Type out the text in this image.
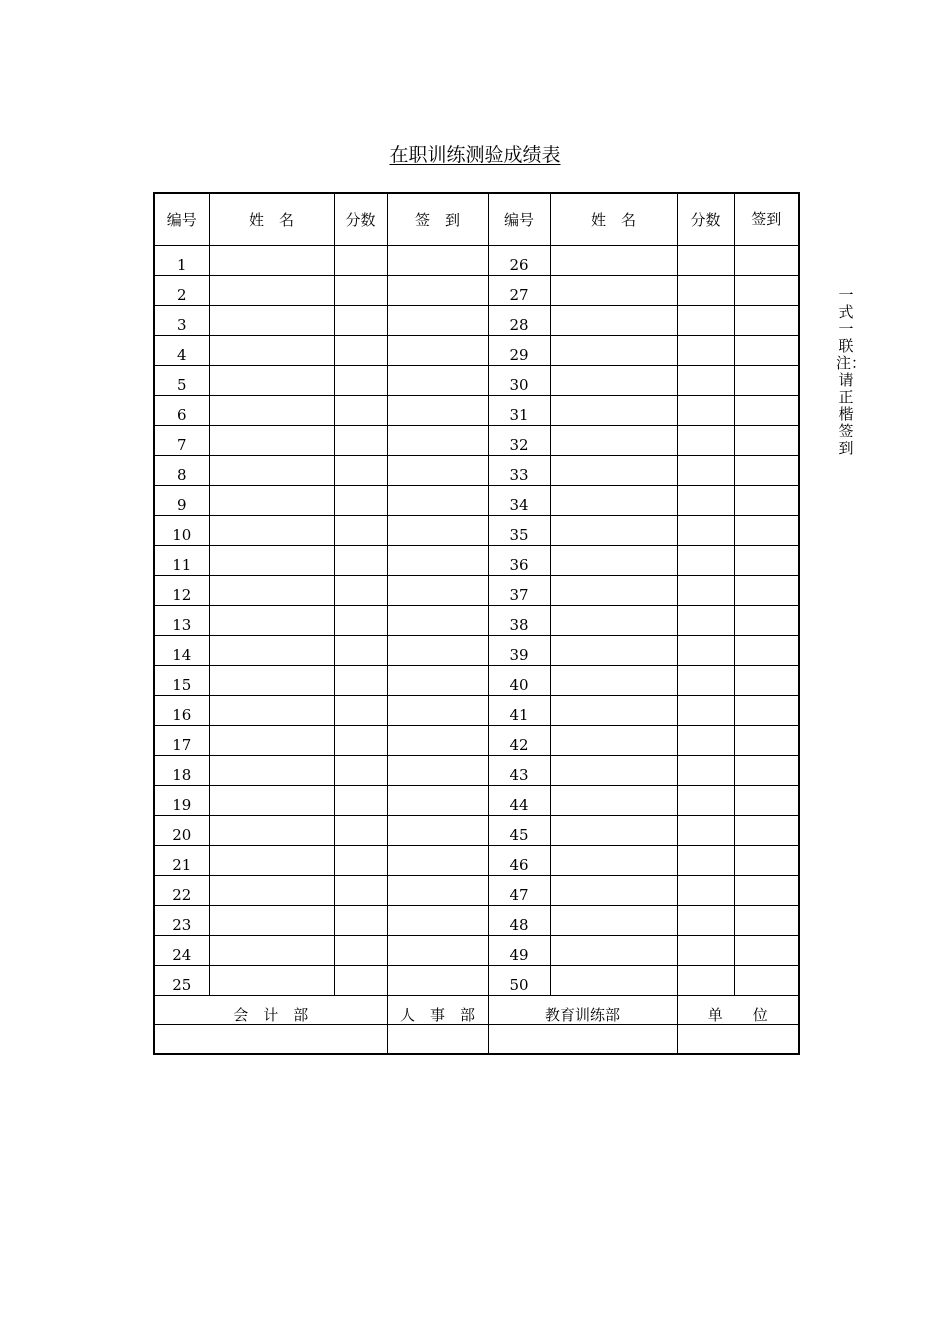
在职训练测验成绩表
编号	姓　名	分数	签　到	编号	姓　名	分数	签到
1				26			
2				27			
3				28			
4				29			
5				30			
6				31			
7				32			
8				33			
9				34			
10				35			
11				36			
12				37			
13				38			
14				39			
15				40			
16				41			
17				42			
18				43			
19				44			
20				45			
21				46			
22				47			
23				48			
24				49			
25				50			
会　计　部			人　事　部	教育训练部		单　　位	

一式一联　注：请正楷签到
